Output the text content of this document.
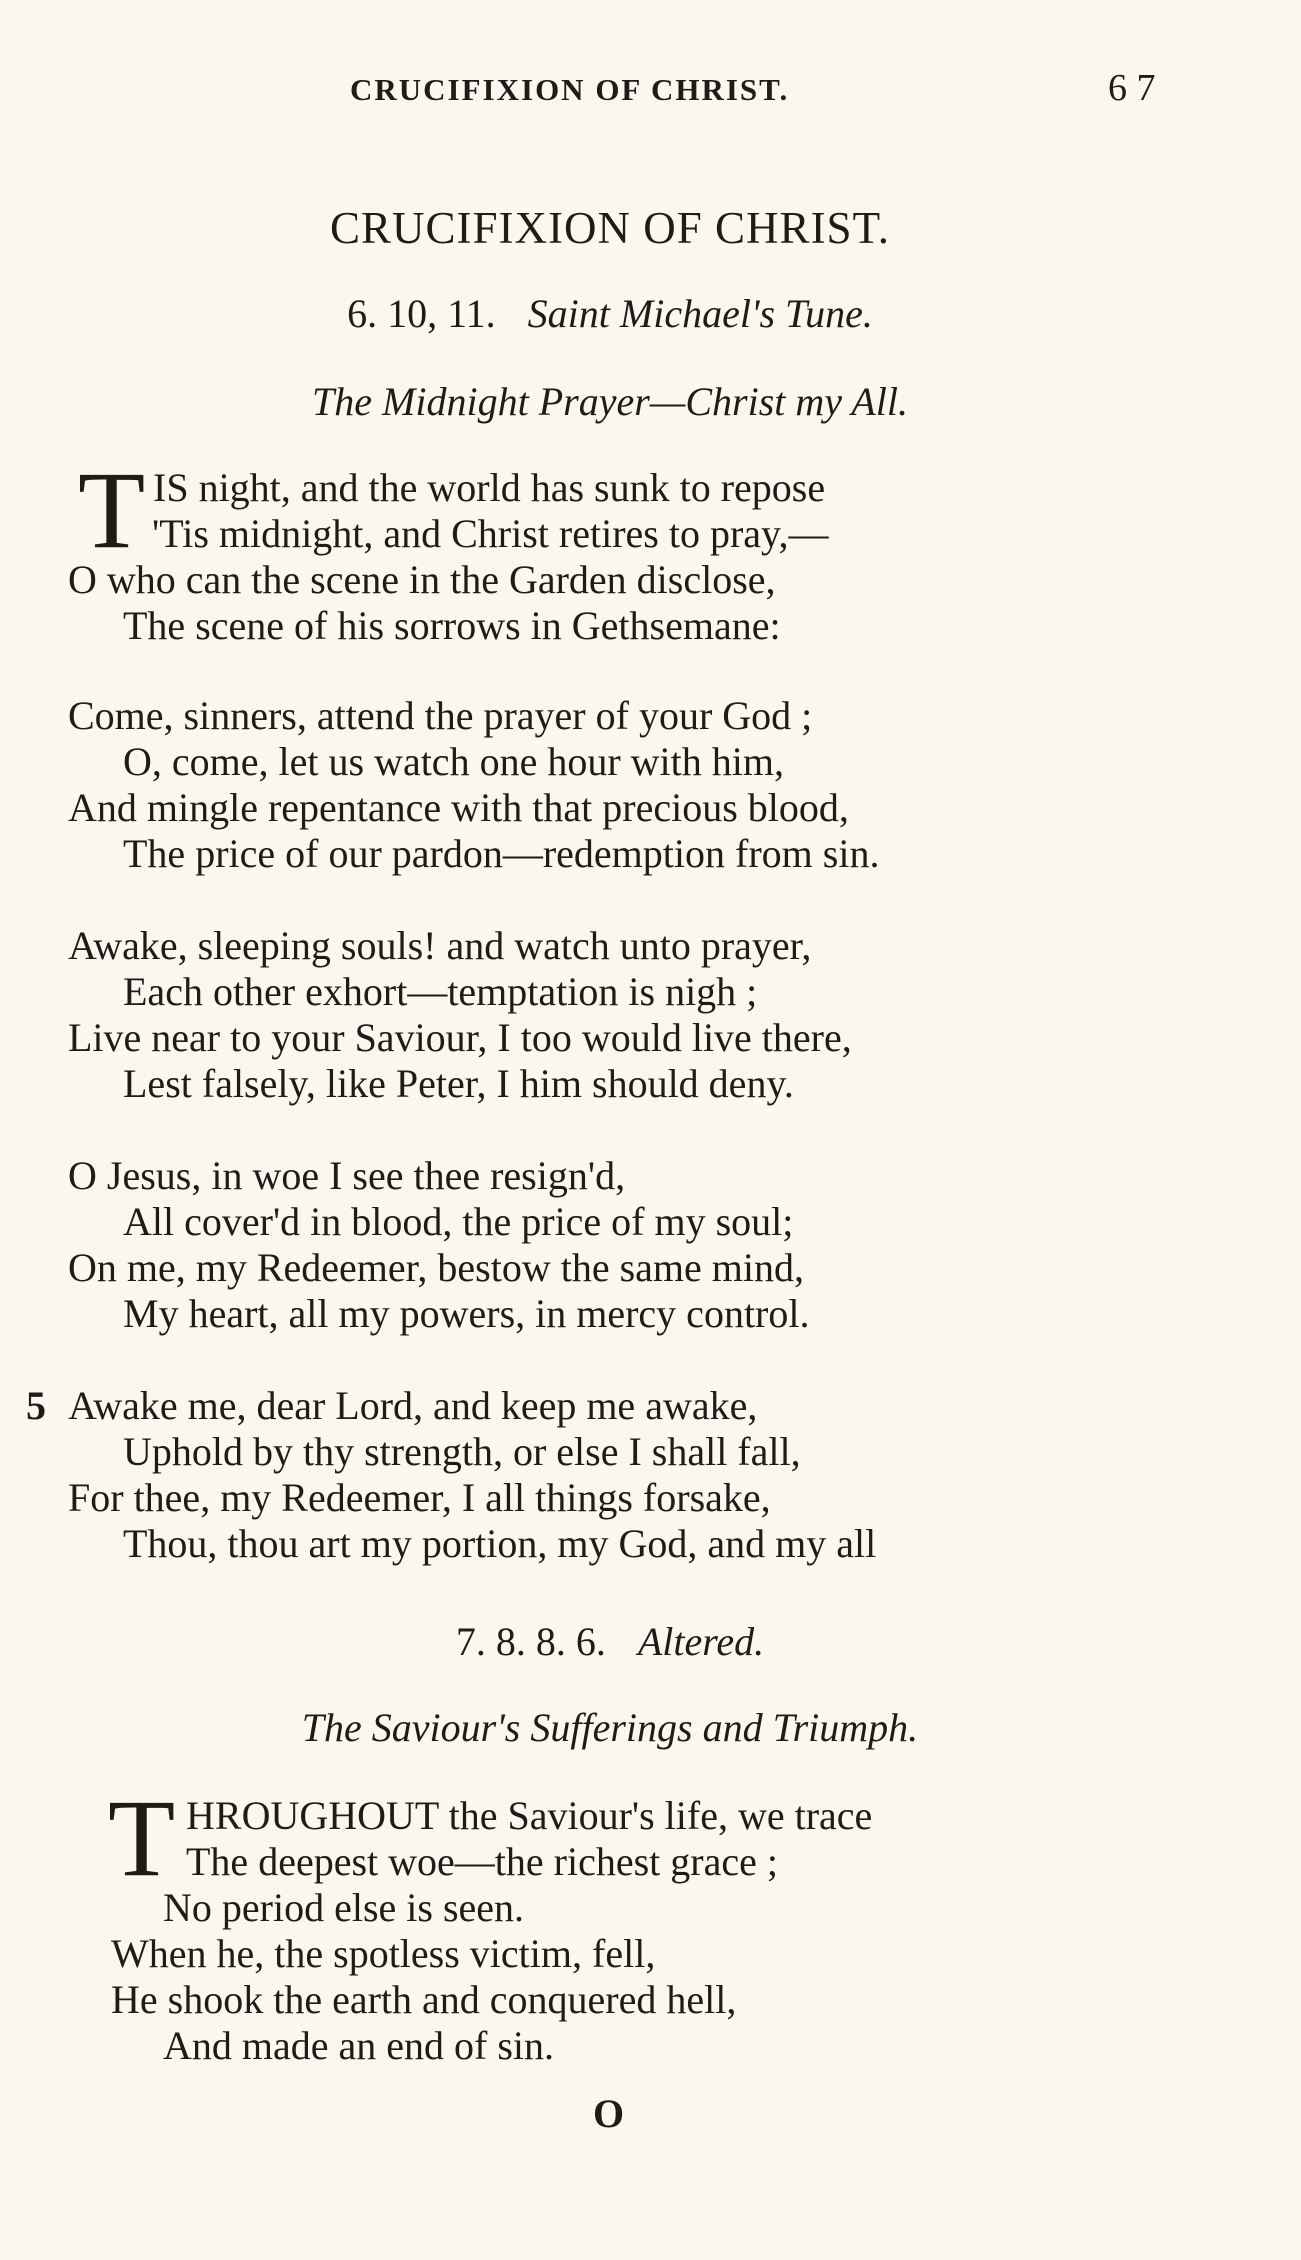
CRUCIFIXION OF CHRIST.	6 7
CRUCIFIXION OF CHRIST.
6. 10, 11. Saint Michael's Tune.
The Midnight Prayer—Christ my All.
T IS night, and the world has sunk to repose
'Tis midnight, and Christ retires to pray,—
O who can the scene in the Garden disclose,
The scene of his sorrows in Gethsemane:
Come, sinners, attend the prayer of your God ;
O, come, let us watch one hour with him,
And mingle repentance with that precious blood,
The price of our pardon—redemption from sin.
Awake, sleeping souls! and watch unto prayer,
Each other exhort—temptation is nigh ;
Live near to your Saviour, I too would live there,
Lest falsely, like Peter, I him should deny.
O Jesus, in woe I see thee resign'd,
All cover'd in blood, the price of my soul;
On me, my Redeemer, bestow the same mind,
My heart, all my powers, in mercy control.
5 Awake me, dear Lord, and keep me awake,
Uphold by thy strength, or else I shall fall,
For thee, my Redeemer, I all things forsake,
Thou, thou art my portion, my God, and my all
7. 8. 8. 6. Altered.
The Saviour's Sufferings and Triumph.
T HROUGHOUT the Saviour's life, we trace
The deepest woe—the richest grace ;
No period else is seen.
When he, the spotless victim, fell,
He shook the earth and conquered hell,
And made an end of sin.
O
